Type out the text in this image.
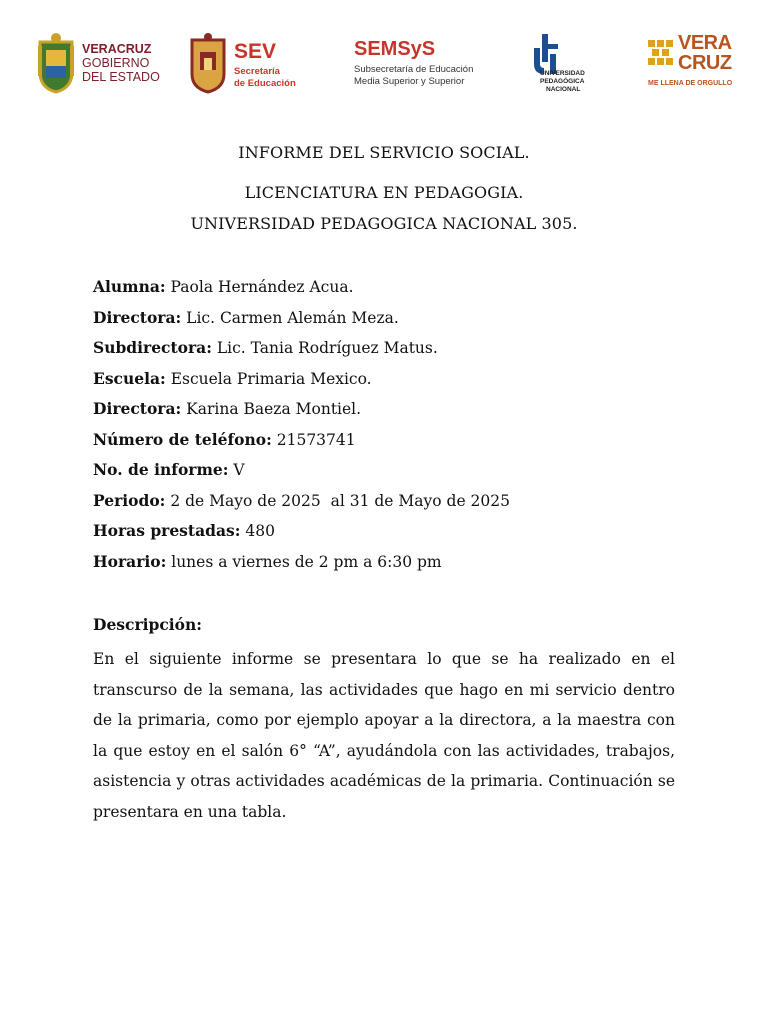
VERACRUZ
GOBIERNO
DEL ESTADO
SEV
Secretaría
de Educación
SEMSyS
Subsecretaría de Educación
Media Superior y Superior
UNIVERSIDAD
PEDAGÓGICA
NACIONAL
VERA
CRUZ
ME LLENA DE ORGULLO
INFORME DEL SERVICIO SOCIAL.
LICENCIATURA EN PEDAGOGIA.
UNIVERSIDAD PEDAGOGICA NACIONAL 305.
Alumna: Paola Hernández Acua.
Directora: Lic. Carmen Alemán Meza.
Subdirectora: Lic. Tania Rodríguez Matus.
Escuela: Escuela Primaria Mexico.
Directora: Karina Baeza Montiel.
Número de teléfono: 21573741
No. de informe: V
Periodo: 2 de Mayo de 2025  al 31 de Mayo de 2025
Horas prestadas: 480
Horario: lunes a viernes de 2 pm a 6:30 pm
Descripción:
En el siguiente informe se presentara lo que se ha realizado en el transcurso de la semana, las actividades que hago en mi servicio dentro de la primaria, como por ejemplo apoyar a la directora, a la maestra con la que estoy en el salón 6° “A”, ayudándola con las actividades, trabajos, asistencia y otras actividades académicas de la primaria. Continuación se presentara en una tabla.
